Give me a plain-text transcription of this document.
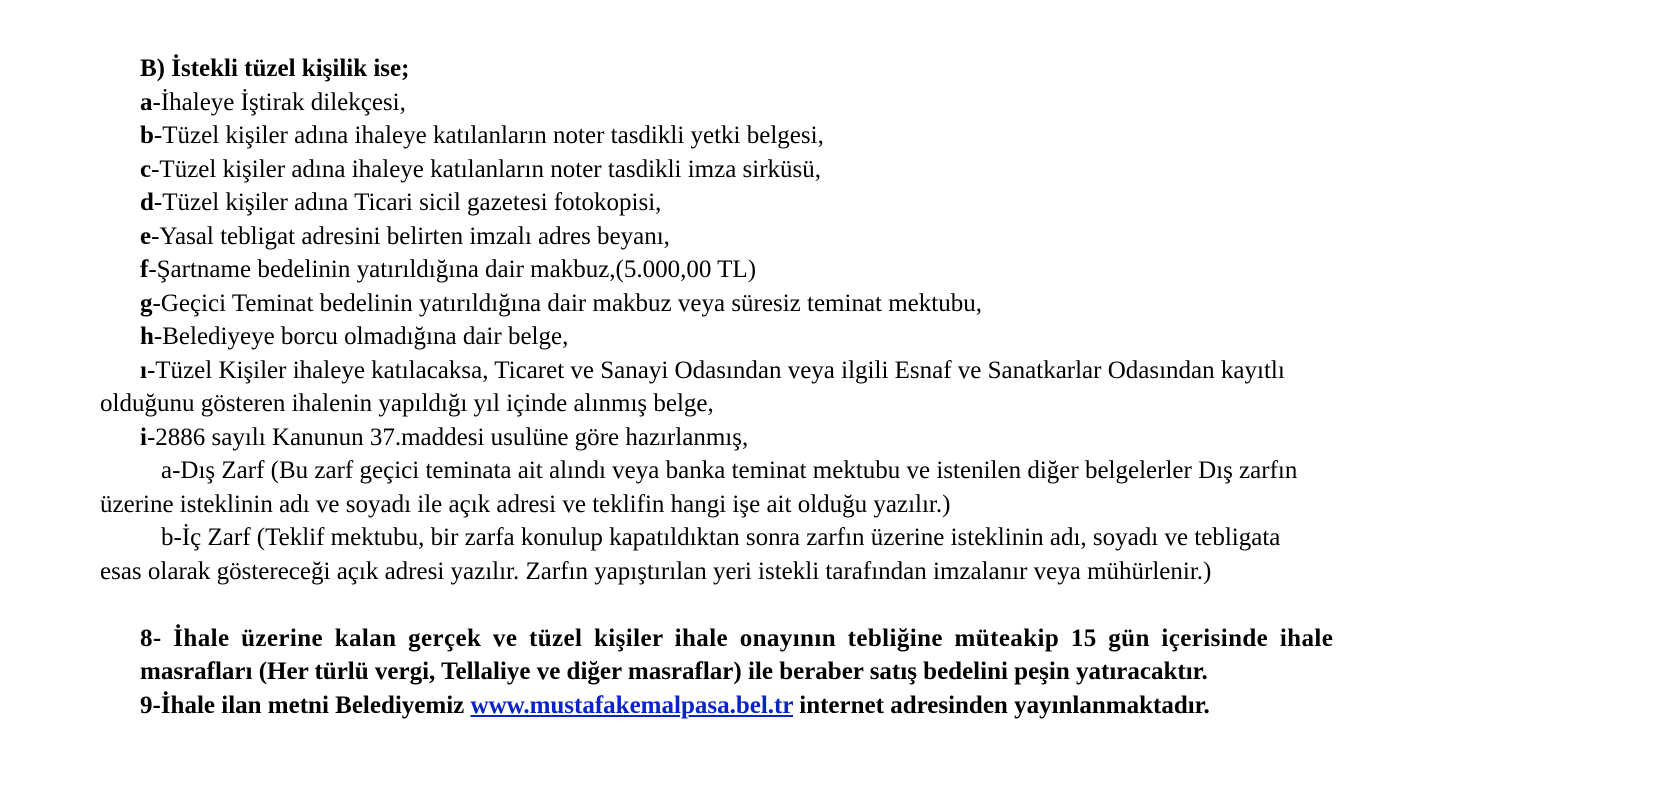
B) İstekli tüzel kişilik ise;
a-İhaleye İştirak dilekçesi,
b-Tüzel kişiler adına ihaleye katılanların noter tasdikli yetki belgesi,
c-Tüzel kişiler adına ihaleye katılanların noter tasdikli imza sirküsü,
d-Tüzel kişiler adına Ticari sicil gazetesi fotokopisi,
e-Yasal tebligat adresini belirten imzalı adres beyanı,
f-Şartname bedelinin yatırıldığına dair makbuz,(5.000,00 TL)
g-Geçici Teminat bedelinin yatırıldığına dair makbuz veya süresiz teminat mektubu,
h-Belediyeye borcu olmadığına dair belge,
ı-Tüzel Kişiler ihaleye katılacaksa, Ticaret ve Sanayi Odasından veya ilgili Esnaf ve Sanatkarlar Odasından kayıtlı
olduğunu gösteren ihalenin yapıldığı yıl içinde alınmış belge,
i-2886 sayılı Kanunun 37.maddesi usulüne göre hazırlanmış,
a-Dış Zarf (Bu zarf geçici teminata ait alındı veya banka teminat mektubu ve istenilen diğer belgelerler Dış zarfın
üzerine isteklinin adı ve soyadı ile açık adresi ve teklifin hangi işe ait olduğu yazılır.)
b-İç Zarf (Teklif mektubu, bir zarfa konulup kapatıldıktan sonra zarfın üzerine isteklinin adı, soyadı ve tebligata
esas olarak göstereceği açık adresi yazılır. Zarfın yapıştırılan yeri istekli tarafından imzalanır veya mühürlenir.)
8- İhale üzerine kalan gerçek ve tüzel kişiler ihale onayının tebliğine müteakip 15 gün içerisinde ihale
masrafları (Her türlü vergi, Tellaliye ve diğer masraflar) ile beraber satış bedelini peşin yatıracaktır.
9-İhale ilan metni Belediyemiz www.mustafakemalpasa.bel.tr internet adresinden yayınlanmaktadır.
